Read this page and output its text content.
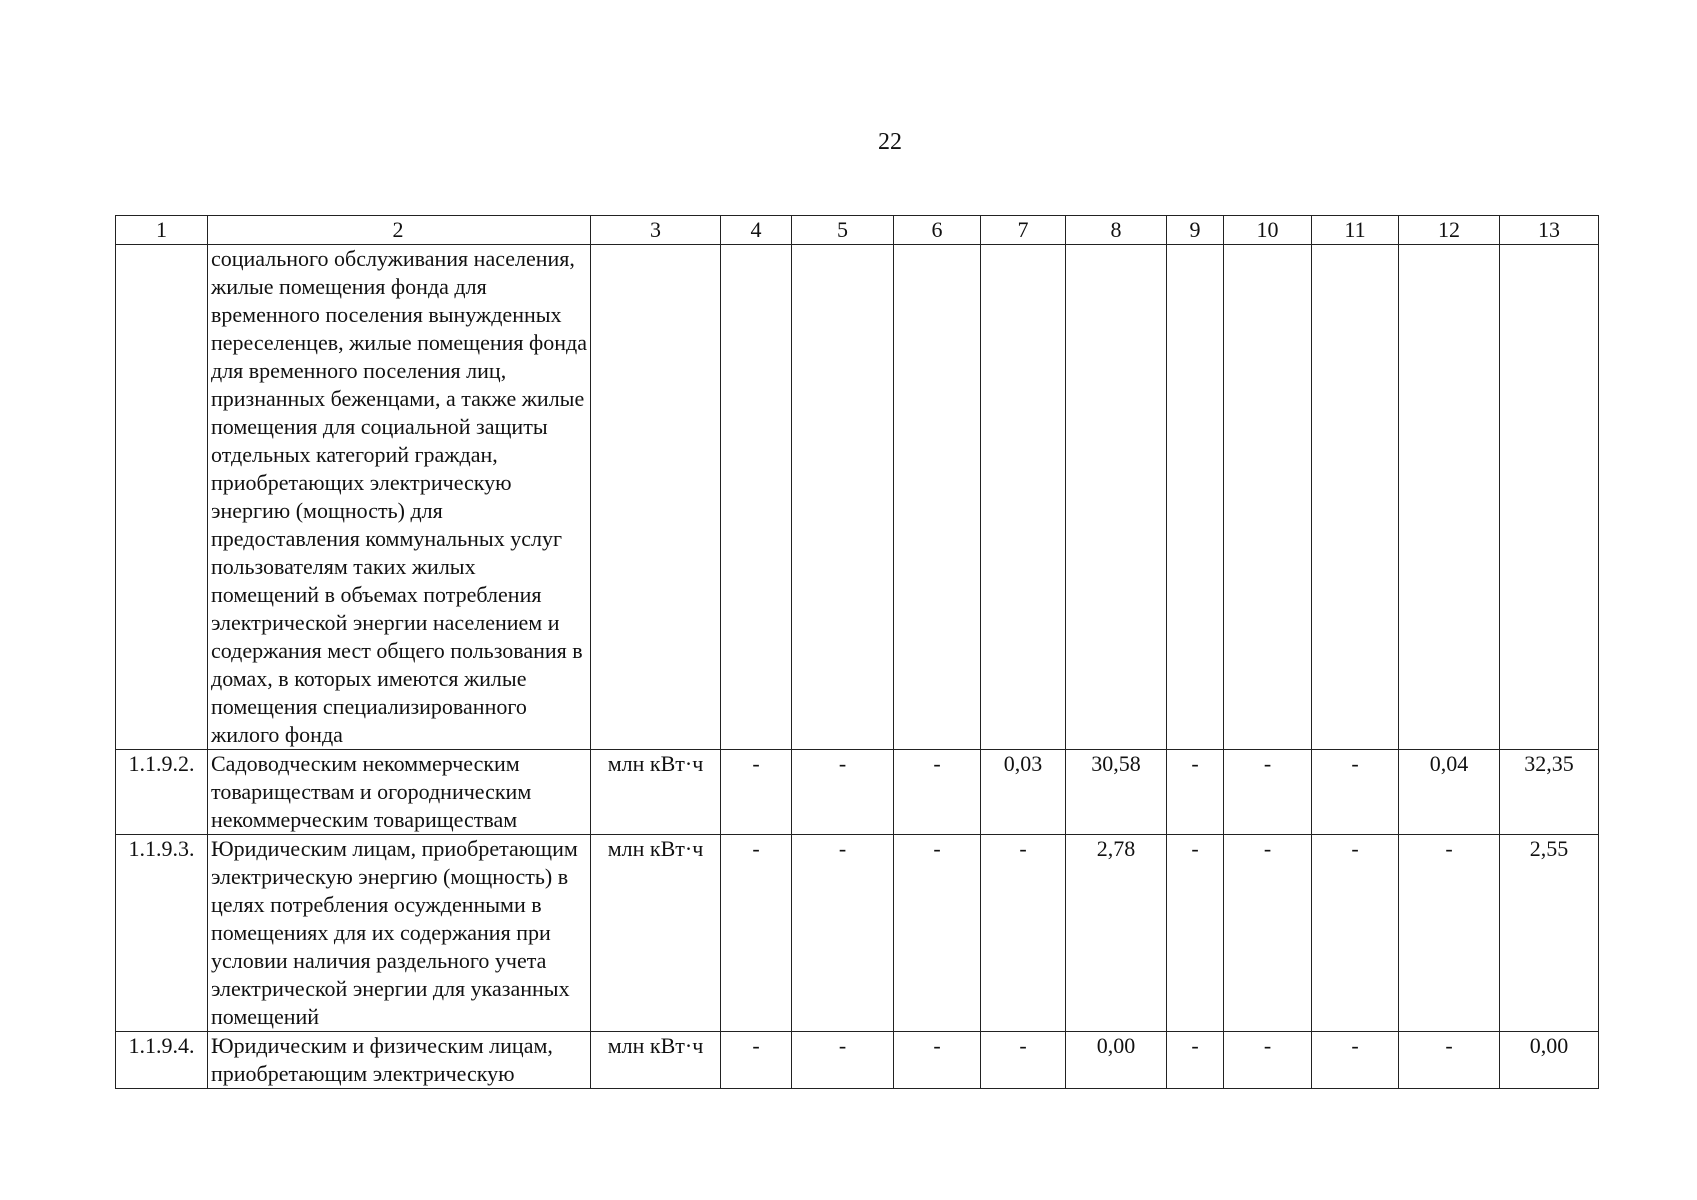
22
1	2	3	4	5	6	7	8	9	10	11	12	13
	социального обслуживания населения, жилые помещения фонда для временного поселения вынужденных переселенцев, жилые помещения фонда для временного поселения лиц, признанных беженцами, а также жилые помещения для социальной защиты отдельных категорий граждан, приобретающих электрическую энергию (мощность) для предоставления коммунальных услуг пользователям таких жилых помещений в объемах потребления электрической энергии населением и содержания мест общего пользования в домах, в которых имеются жилые помещения специализированного жилого фонда											
1.1.9.2.	Садоводческим некоммерческим товариществам и огородническим некоммерческим товариществам	млн кВт·ч	-	-	-	0,03	30,58	-	-	-	0,04	32,35
1.1.9.3.	Юридическим лицам, приобретающим электрическую энергию (мощность) в целях потребления осужденными в помещениях для их содержания при условии наличия раздельного учета электрической энергии для указанных помещений	млн кВт·ч	-	-	-	-	2,78	-	-	-	-	2,55
1.1.9.4.	Юридическим и физическим лицам, приобретающим электрическую	млн кВт·ч	-	-	-	-	0,00	-	-	-	-	0,00
